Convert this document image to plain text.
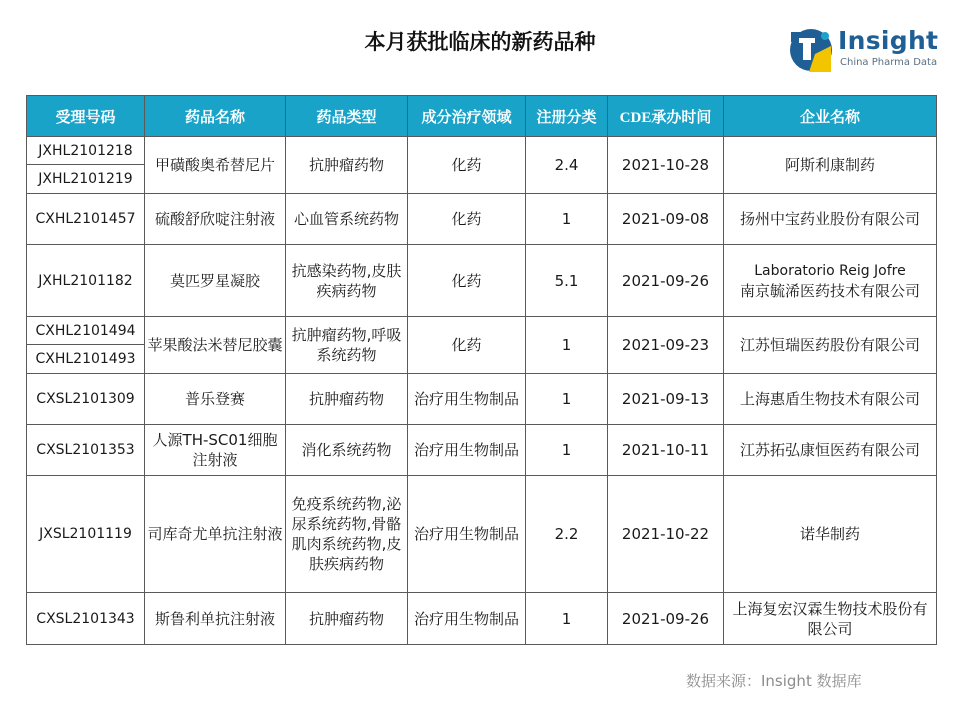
本月获批临床的新药品种	Insight
China Pharma Data
受理号码	药品名称	药品类型	成分治疗领域	注册分类	CDE承办时间	企业名称
JXHL2101218	甲磺酸奥希替尼片	抗肿瘤药物	化药	2.4	2021-10-28	阿斯利康制药
JXHL2101219						
CXHL2101457	硫酸舒欣啶注射液	心血管系统药物	化药	1	2021-09-08	扬州中宝药业股份有限公司
JXHL2101182	莫匹罗星凝胶	抗感染药物,皮肤疾病药物	化药	5.1	2021-09-26	Laboratorio Reig Jofre
南京毓浠医药技术有限公司

CXHL2101494	苹果酸法米替尼胶囊	抗肿瘤药物,呼吸系统药物	化药	1	2021-09-23	江苏恒瑞医药股份有限公司
CXHL2101493						
CXSL2101309	普乐登赛	抗肿瘤药物	治疗用生物制品	1	2021-09-13	上海惠盾生物技术有限公司
CXSL2101353	人源TH-SC01细胞注射液	消化系统药物	治疗用生物制品	1	2021-10-11	江苏拓弘康恒医药有限公司
JXSL2101119	司库奇尤单抗注射液	免疫系统药物,泌尿系统药物,骨骼肌肉系统药物,皮肤疾病药物	治疗用生物制品	2.2	2021-10-22	诺华制药
CXSL2101343	斯鲁利单抗注射液	抗肿瘤药物	治疗用生物制品	1	2021-09-26	上海复宏汉霖生物技术股份有限公司
数据来源：Insight 数据库
